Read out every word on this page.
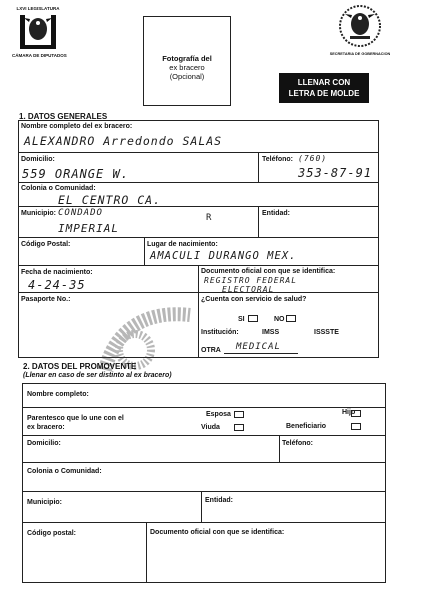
LXVI LEGISLATURA
CÁMARA DE DIPUTADOS	Fotografía del
ex bracero
(Opcional)
SECRETARIA DE GOBERNACION
LLENAR CON
LETRA DE MOLDE
1. DATOS GENERALES
Nombre completo del ex bracero:
ALEXANDRO Arredondo SALAS
Domicilio:
559 ORANGE W.
Teléfono: (760)
353-87-91
Colonia o Comunidad:
EL CENTRO CA.
Municipio: CONDADO
IMPERIAL
R	Entidad:
Código Postal:	Lugar de nacimiento:
AMACULI DURANGO MEX.
Fecha de nacimiento:
4-24-35
Documento oficial con que se identifica:
REGISTRO FEDERAL
ELECTORAL
Pasaporte No.:	¿Cuenta con servicio de salud?
SI	NO
Institución:	IMSS	ISSSTE
OTRA MEDICAL
2. DATOS DEL PROMOVENTE
(Llenar en caso de ser distinto al ex bracero)
Nombre completo:
Parentesco que lo une con el
ex bracero:
Esposa
Viuda
Hijo
Beneficiario
Domicilio:	Teléfono:
Colonia o Comunidad:
Municipio:	Entidad:
Código postal:	Documento oficial con que se identifica:
